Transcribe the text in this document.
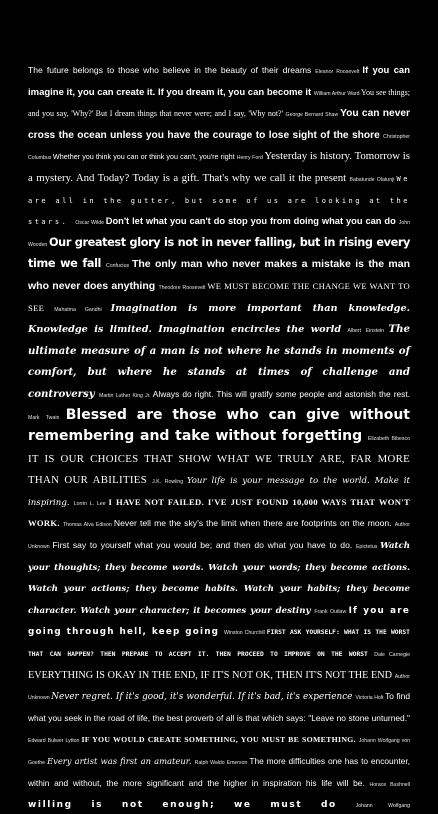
The future belongs to those who believe in the beauty of their dreams Eleanor Roosevelt If you can imagine it, you can create it. If you dream it, you can become it William Arthur Ward You see things; and you say, 'Why?' But I dream things that never were; and I say, 'Why not?' George Bernard Shaw You can never cross the ocean unless you have the courage to lose sight of the shore Christopher Columbus Whether you think you can or think you can't, you're right Henry Ford Yesterday is history. Tomorrow is a mystery. And Today? Today is a gift. That's why we call it the present Babatunde Olatunji We are all in the gutter, but some of us are looking at the stars. Oscar Wilde Don't let what you can't do stop you from doing what you can do John Wooden Our greatest glory is not in never falling, but in rising every time we fall Confucius The only man who never makes a mistake is the man who never does anything Theodore Roosevelt WE MUST BECOME THE CHANGE WE WANT TO SEE Mahatma Gandhi Imagination is more important than knowledge. Knowledge is limited. Imagination encircles the world Albert Einstein The ultimate measure of a man is not where he stands in moments of comfort, but where he stands at times of challenge and controversy Martin Luther King Jr. Always do right. This will gratify some people and astonish the rest. Mark Twain Blessed are those who can give without remembering and take without forgetting Elizabeth Bibesco IT IS OUR CHOICES THAT SHOW WHAT WE TRULY ARE, FAR MORE THAN OUR ABILITIES J.K. Rowling Your life is your message to the world. Make it inspiring. Lorrin L. Lee I HAVE NOT FAILED. I'VE JUST FOUND 10,000 WAYS THAT WON'T WORK. Thomas Alva Edison Never tell me the sky's the limit when there are footprints on the moon. Author Unknown First say to yourself what you would be; and then do what you have to do. Epictetus Watch your thoughts; they become words. Watch your words; they become actions. Watch your actions; they become habits. Watch your habits; they become character. Watch your character; it becomes your destiny Frank Outlaw If you are going through hell, keep going Winston Churchill FIRST ASK YOURSELF: WHAT IS THE WORST THAT CAN HAPPEN? THEN PREPARE TO ACCEPT IT. THEN PROCEED TO IMPROVE ON THE WORST Dale Carnegie EVERYTHING IS OKAY IN THE END, IF IT'S NOT OK, THEN IT'S NOT THE END Author Unknown Never regret. If it's good, it's wonderful. If it's bad, it's experience Victoria Holt To find what you seek in the road of life, the best proverb of all is that which says: "Leave no stone unturned." Edward Bulwer Lytton IF YOU WOULD CREATE SOMETHING, YOU MUST BE SOMETHING. Johann Wolfgang von Goethe Every artist was first an amateur. Ralph Waldo Emerson The more difficulties one has to encounter, within and without, the more significant and the higher in inspiration his life will be. Horace Bushnell willing is not enough; we must do Johann Wolfgang
